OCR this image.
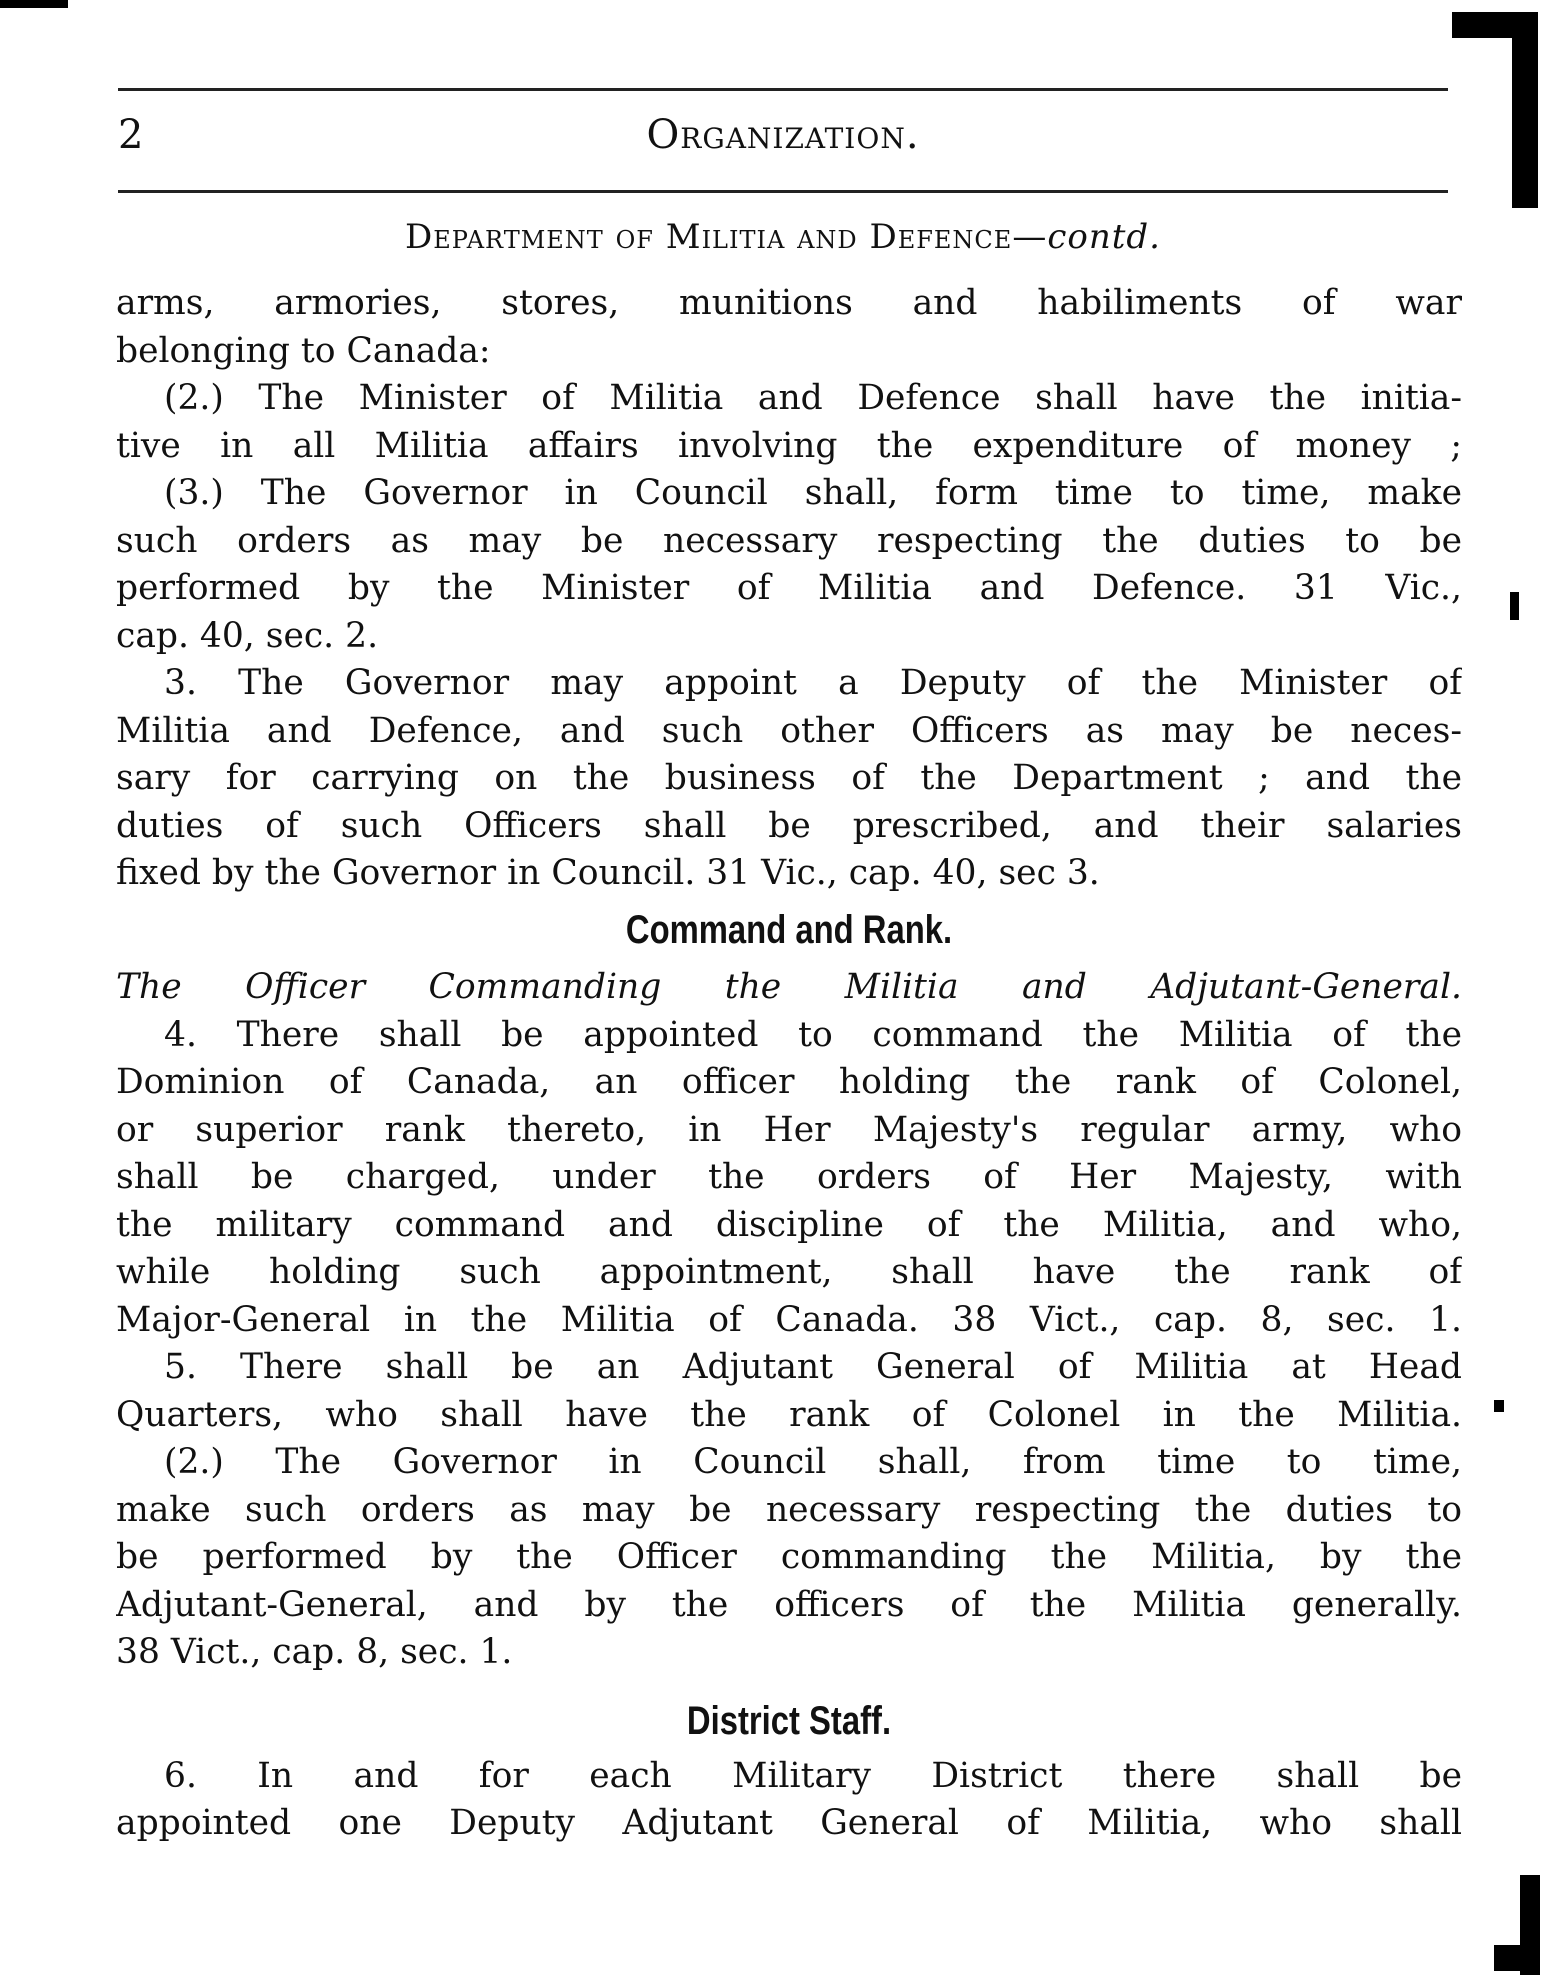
2	Organization.
Department of Militia and Defence—contd.
arms, armories, stores, munitions and habiliments of war
belonging to Canada:
(2.) The Minister of Militia and Defence shall have the initia-
tive in all Militia affairs involving the expenditure of money ;
(3.) The Governor in Council shall, form time to time, make
such orders as may be necessary respecting the duties to be
performed by the Minister of Militia and Defence. 31 Vic.,
cap. 40, sec. 2.
3. The Governor may appoint a Deputy of the Minister of
Militia and Defence, and such other Officers as may be neces-
sary for carrying on the business of the Department ; and the
duties of such Officers shall be prescribed, and their salaries
fixed by the Governor in Council. 31 Vic., cap. 40, sec 3.
Command and Rank.
The Officer Commanding the Militia and Adjutant-General.
4. There shall be appointed to command the Militia of the
Dominion of Canada, an officer holding the rank of Colonel,
or superior rank thereto, in Her Majesty's regular army, who
shall be charged, under the orders of Her Majesty, with
the military command and discipline of the Militia, and who,
while holding such appointment, shall have the rank of
Major-General in the Militia of Canada. 38 Vict., cap. 8, sec. 1.
5. There shall be an Adjutant General of Militia at Head
Quarters, who shall have the rank of Colonel in the Militia.
(2.) The Governor in Council shall, from time to time,
make such orders as may be necessary respecting the duties to
be performed by the Officer commanding the Militia, by the
Adjutant-General, and by the officers of the Militia generally.
38 Vict., cap. 8, sec. 1.
District Staff.
6. In and for each Military District there shall be
appointed one Deputy Adjutant General of Militia, who shall
